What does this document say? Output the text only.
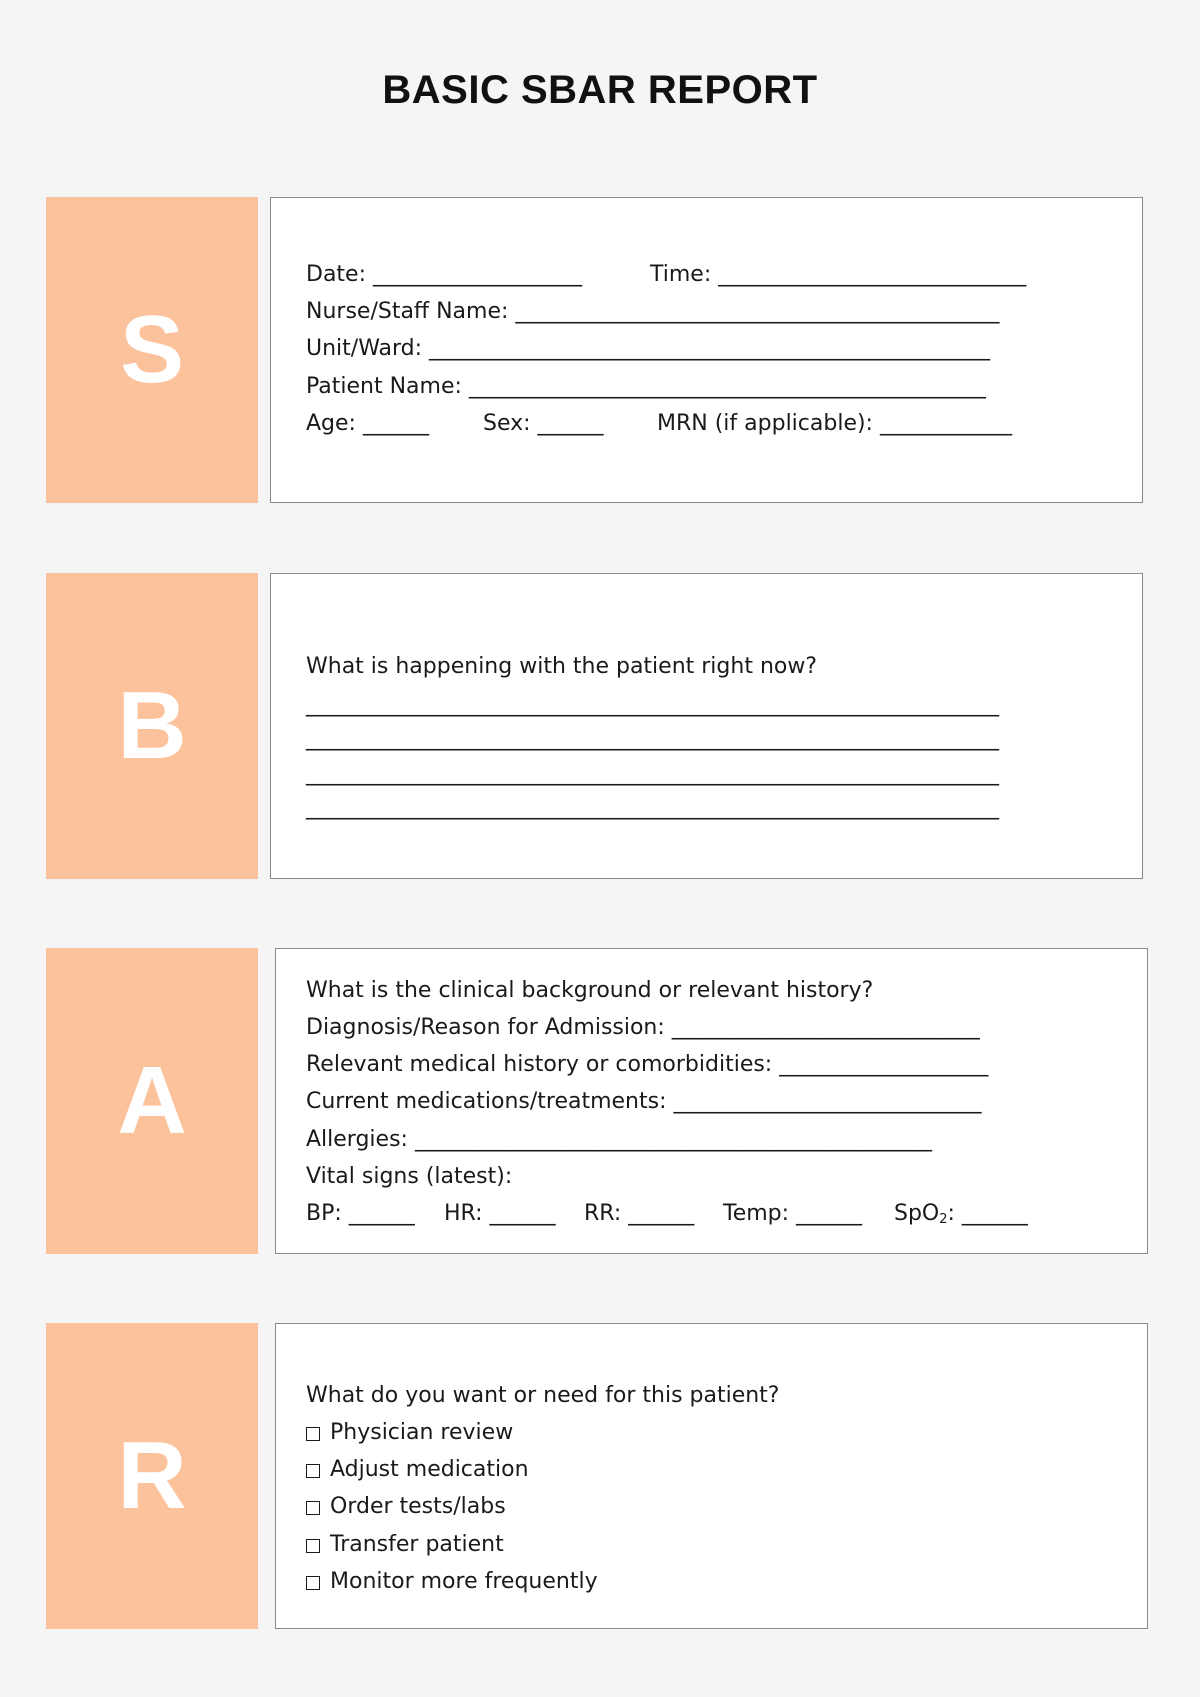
BASIC SBAR REPORT
S
Date: ___________________	Time: ____________________________
Nurse/Staff Name: ____________________________________________
Unit/Ward: ___________________________________________________
Patient Name: _______________________________________________
Age: ______ Sex: ______ MRN (if applicable): ____________
B
What is happening with the patient right now?
_______________________________________________________________
_______________________________________________________________
_______________________________________________________________
_______________________________________________________________
A
What is the clinical background or relevant history?
Diagnosis/Reason for Admission: ____________________________
Relevant medical history or comorbidities: ___________________
Current medications/treatments: ____________________________
Allergies: _______________________________________________
Vital signs (latest):
BP: ______ HR: ______ RR: ______ Temp: ______ SpO$_2$: ______
R
What do you want or need for this patient?
Physician review
Adjust medication
Order tests/labs
Transfer patient
Monitor more frequently
